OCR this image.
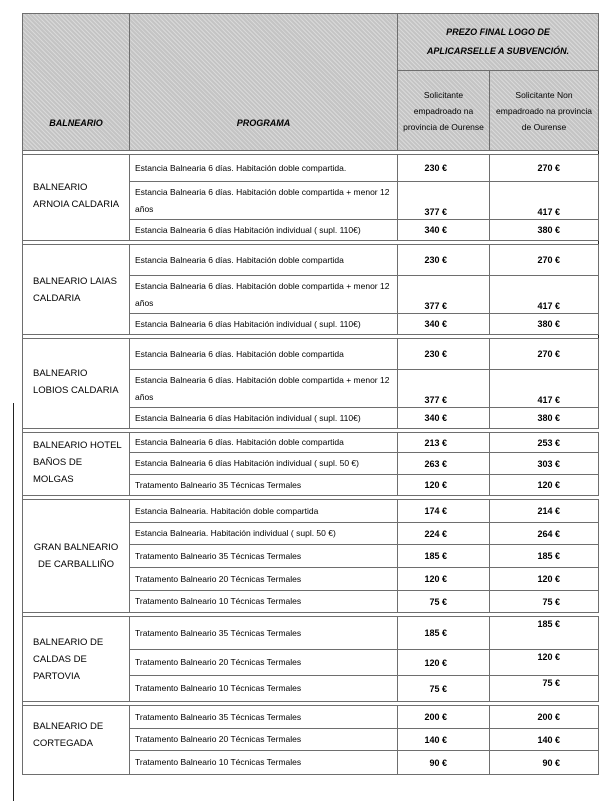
BALNEARIO	PROGRAMA	PREZO FINAL LOGO DE APLICARSELLE A SUBVENCIÓN.	
		Solicitante empadroado na provincia de Ourense	Solicitante Non empadroado na provincia de Ourense

BALNEARIO ARNOIA CALDARIA	Estancia Balnearia 6 días. Habitación doble compartida.	230 €	270 €
	Estancia Balnearia 6 días. Habitación doble compartida + menor 12 años	377 €	417 €
	Estancia Balnearia 6 días Habitación individual ( supl. 110€)	340 €	380 €

BALNEARIO LAIAS CALDARIA	Estancia Balnearia 6 días. Habitación doble compartida	230 €	270 €
	Estancia Balnearia 6 días. Habitación doble compartida + menor 12 años	377 €	417 €
	Estancia Balnearia 6 días Habitación individual ( supl. 110€)	340 €	380 €

BALNEARIO LOBIOS CALDARIA	Estancia Balnearia 6 días. Habitación doble compartida	230 €	270 €
	Estancia Balnearia 6 días. Habitación doble compartida + menor 12 años	377 €	417 €
	Estancia Balnearia 6 días Habitación individual ( supl. 110€)	340 €	380 €

BALNEARIO HOTEL BAÑOS DE MOLGAS	Estancia Balnearia 6 días. Habitación doble compartida	213 €	253 €
	Estancia Balnearia 6 días Habitación individual ( supl. 50 €)	263 €	303 €
	Tratamento Balneario 35 Técnicas Termales	120 €	120 €

GRAN BALNEARIO DE CARBALLIÑO	Estancia Balnearia. Habitación doble compartida	174 €	214 €
	Estancia Balnearia. Habitación individual ( supl. 50 €)	224 €	264 €
	Tratamento Balneario 35 Técnicas Termales	185 €	185 €
	Tratamento Balneario 20 Técnicas Termales	120 €	120 €
	Tratamento Balneario 10 Técnicas Termales	75 €	75 €

BALNEARIO DE CALDAS DE PARTOVIA	Tratamento Balneario 35 Técnicas Termales	185 €	185 €
	Tratamento Balneario 20 Técnicas Termales	120 €	120 €
	Tratamento Balneario 10 Técnicas Termales	75 €	75 €

BALNEARIO DE CORTEGADA	Tratamento Balneario 35 Técnicas Termales	200 €	200 €
	Tratamento Balneario 20 Técnicas Termales	140 €	140 €
	Tratamento Balneario 10 Técnicas Termales	90 €	90 €
